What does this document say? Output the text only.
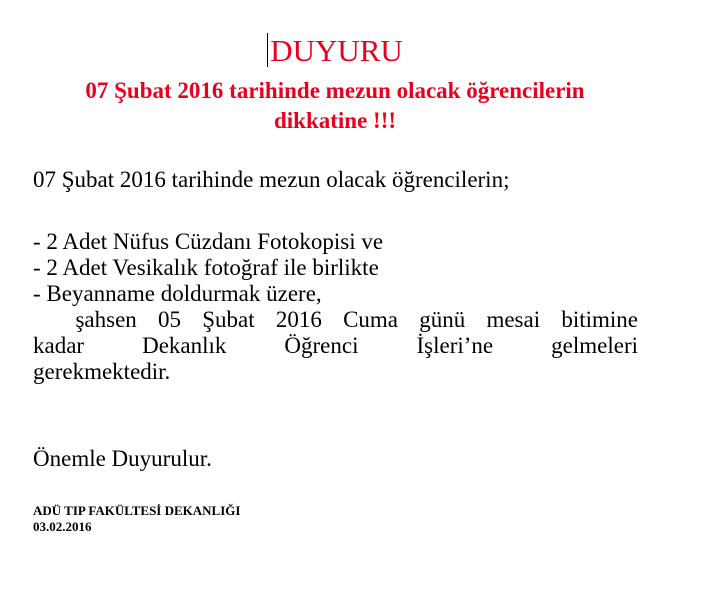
DUYURU
07 Şubat 2016 tarihinde mezun olacak öğrencilerin
dikkatine !!!
07 Şubat 2016 tarihinde mezun olacak öğrencilerin;
- 2 Adet Nüfus Cüzdanı Fotokopisi ve
- 2 Adet Vesikalık fotoğraf ile birlikte
- Beyanname doldurmak üzere,
şahsen 05 Şubat 2016 Cuma günü mesai bitimine
kadar Dekanlık Öğrenci İşleri’ne gelmeleri
gerekmektedir.
Önemle Duyurulur.
ADÜ TIP FAKÜLTESİ DEKANLIĞI
03.02.2016
